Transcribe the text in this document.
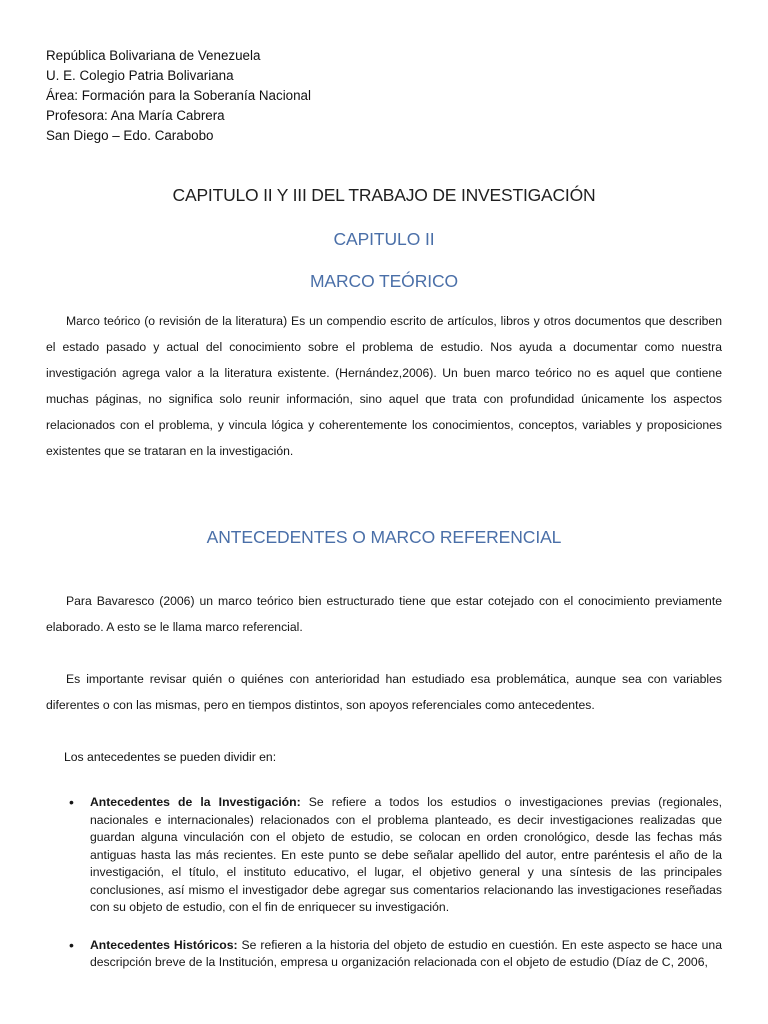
República Bolivariana de Venezuela
U. E. Colegio Patria Bolivariana
Área: Formación para la Soberanía Nacional
Profesora: Ana María Cabrera
San Diego – Edo. Carabobo
CAPITULO II Y III DEL TRABAJO DE INVESTIGACIÓN
CAPITULO II
MARCO TEÓRICO
Marco teórico (o revisión de la literatura) Es un compendio escrito de artículos, libros y otros documentos que describen el estado pasado y actual del conocimiento sobre el problema de estudio. Nos ayuda a documentar como nuestra investigación agrega valor a la literatura existente. (Hernández,2006). Un buen marco teórico no es aquel que contiene muchas páginas, no significa solo reunir información, sino aquel que trata con profundidad únicamente los aspectos relacionados con el problema, y vincula lógica y coherentemente los conocimientos, conceptos, variables y proposiciones existentes que se trataran en la investigación.
ANTECEDENTES O MARCO REFERENCIAL
Para Bavaresco (2006) un marco teórico bien estructurado tiene que estar cotejado con el conocimiento previamente elaborado. A esto se le llama marco referencial.
Es importante revisar quién o quiénes con anterioridad han estudiado esa problemática, aunque sea con variables diferentes o con las mismas, pero en tiempos distintos, son apoyos referenciales como antecedentes.
Los antecedentes se pueden dividir en:
• Antecedentes de la Investigación: Se refiere a todos los estudios o investigaciones previas (regionales, nacionales e internacionales) relacionados con el problema planteado, es decir investigaciones realizadas que guardan alguna vinculación con el objeto de estudio, se colocan en orden cronológico, desde las fechas más antiguas hasta las más recientes. En este punto se debe señalar apellido del autor, entre paréntesis el año de la investigación, el título, el instituto educativo, el lugar, el objetivo general y una síntesis de las principales conclusiones, así mismo el investigador debe agregar sus comentarios relacionando las investigaciones reseñadas con su objeto de estudio, con el fin de enriquecer su investigación.
• Antecedentes Históricos: Se refieren a la historia del objeto de estudio en cuestión. En este aspecto se hace una descripción breve de la Institución, empresa u organización relacionada con el objeto de estudio (Díaz de C, 2006,
